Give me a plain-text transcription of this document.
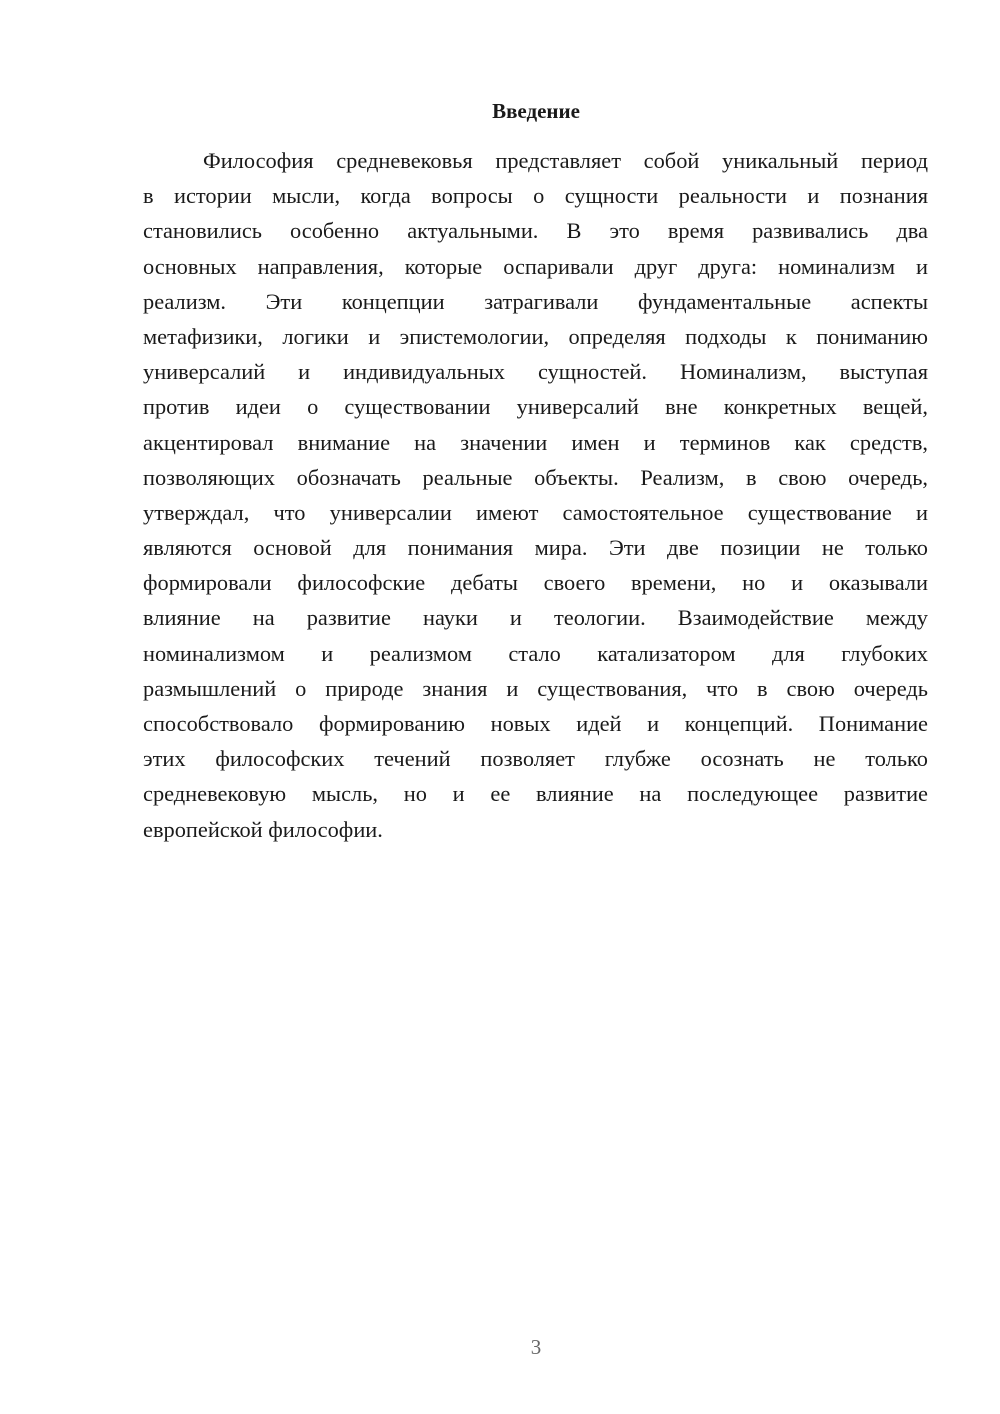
Введение
Философия средневековья представляет собой уникальный период
в истории мысли, когда вопросы о сущности реальности и познания
становились особенно актуальными. В это время развивались два
основных направления, которые оспаривали друг друга: номинализм и
реализм. Эти концепции затрагивали фундаментальные аспекты
метафизики, логики и эпистемологии, определяя подходы к пониманию
универсалий и индивидуальных сущностей. Номинализм, выступая
против идеи о существовании универсалий вне конкретных вещей,
акцентировал внимание на значении имен и терминов как средств,
позволяющих обозначать реальные объекты. Реализм, в свою очередь,
утверждал, что универсалии имеют самостоятельное существование и
являются основой для понимания мира. Эти две позиции не только
формировали философские дебаты своего времени, но и оказывали
влияние на развитие науки и теологии. Взаимодействие между
номинализмом и реализмом стало катализатором для глубоких
размышлений о природе знания и существования, что в свою очередь
способствовало формированию новых идей и концепций. Понимание
этих философских течений позволяет глубже осознать не только
средневековую мысль, но и ее влияние на последующее развитие
европейской философии.
3
